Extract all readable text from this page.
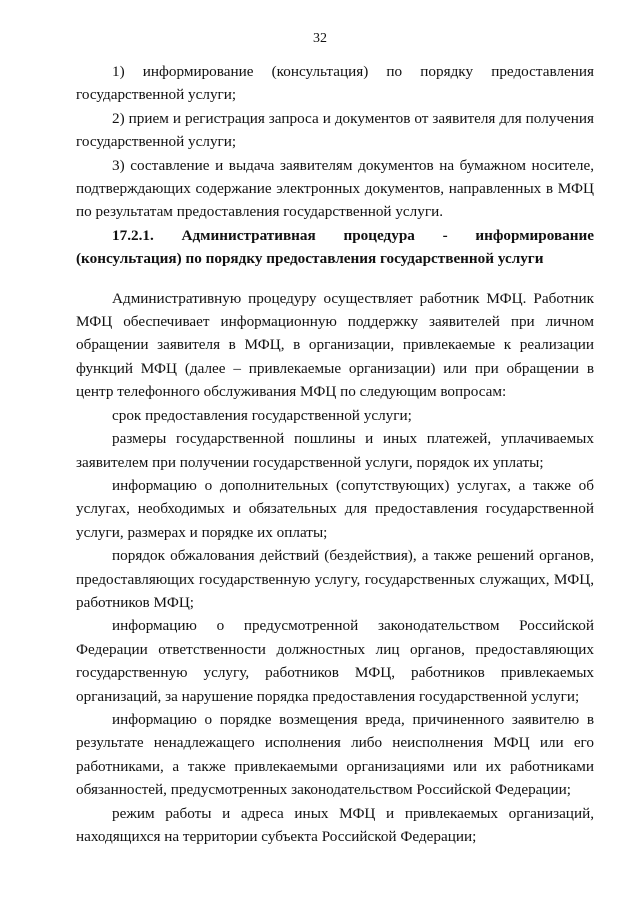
32

1) информирование (консультация) по порядку предоставления государственной услуги;

2) прием и регистрация запроса и документов от заявителя для получения государственной услуги;

3) составление и выдача заявителям документов на бумажном носителе, подтверждающих содержание электронных документов, направленных в МФЦ по результатам предоставления государственной услуги.

17.2.1. Административная процедура - информирование (консультация) по порядку предоставления государственной услуги

Административную процедуру осуществляет работник МФЦ. Работник МФЦ обеспечивает информационную поддержку заявителей при личном обращении заявителя в МФЦ, в организации, привлекаемые к реализации функций МФЦ (далее – привлекаемые организации) или при обращении в центр телефонного обслуживания МФЦ по следующим вопросам:

срок предоставления государственной услуги;

размеры государственной пошлины и иных платежей, уплачиваемых заявителем при получении государственной услуги, порядок их уплаты;

информацию о дополнительных (сопутствующих) услугах, а также об услугах, необходимых и обязательных для предоставления государственной услуги, размерах и порядке их оплаты;

порядок обжалования действий (бездействия), а также решений органов, предоставляющих государственную услугу, государственных служащих, МФЦ, работников МФЦ;

информацию о предусмотренной законодательством Российской Федерации ответственности должностных лиц органов, предоставляющих государственную услугу, работников МФЦ, работников привлекаемых организаций, за нарушение порядка предоставления государственной услуги;

информацию о порядке возмещения вреда, причиненного заявителю в результате ненадлежащего исполнения либо неисполнения МФЦ или его работниками, а также привлекаемыми организациями или их работниками обязанностей, предусмотренных законодательством Российской Федерации;

режим работы и адреса иных МФЦ и привлекаемых организаций, находящихся на территории субъекта Российской Федерации;
